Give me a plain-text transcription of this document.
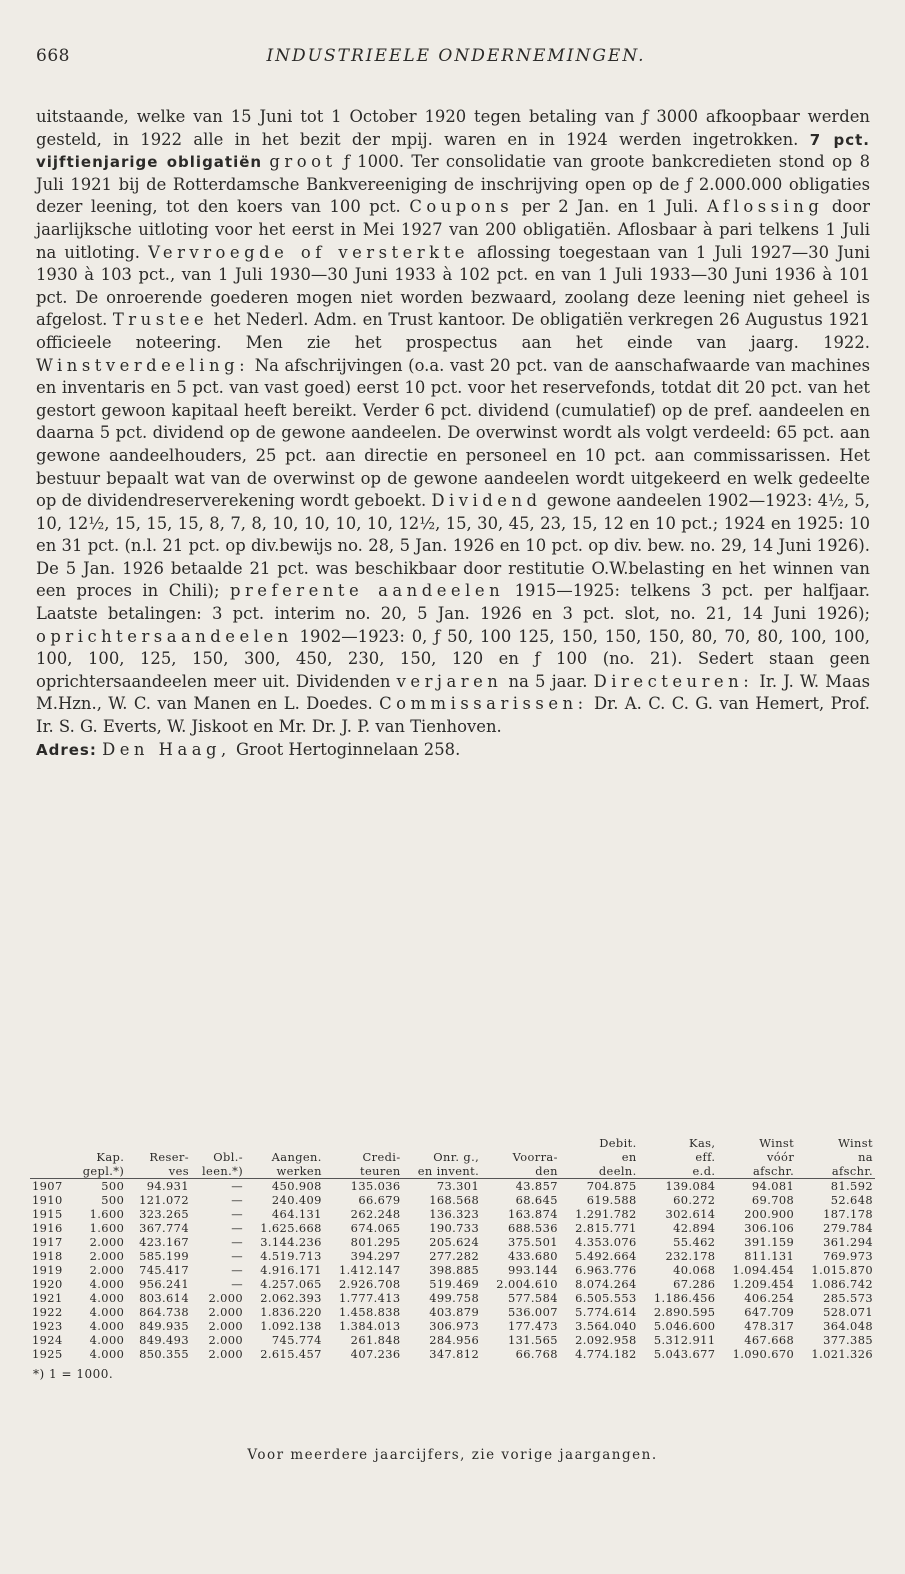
668	INDUSTRIEELE ONDERNEMINGEN.

uitstaande, welke van 15 Juni tot 1 October 1920 tegen betaling van ƒ 3000 afkoopbaar werden gesteld, in 1922 alle in het bezit der mpij. waren en in 1924 werden ingetrokken. 7 pct. vijftienjarige obligatiën groot ƒ 1000. Ter consolidatie van groote bankcredieten stond op 8 Juli 1921 bij de Rotterdamsche Bankvereeniging de inschrijving open op de ƒ 2.000.000 obligaties dezer leening, tot den koers van 100 pct. Coupons per 2 Jan. en 1 Juli. Aflossing door jaarlijksche uitloting voor het eerst in Mei 1927 van 200 obligatiën. Aflosbaar à pari telkens 1 Juli na uitloting. Vervroegde of versterkte aflossing toegestaan van 1 Juli 1927—30 Juni 1930 à 103 pct., van 1 Juli 1930—30 Juni 1933 à 102 pct. en van 1 Juli 1933—30 Juni 1936 à 101 pct. De onroerende goederen mogen niet worden bezwaard, zoolang deze leening niet geheel is afgelost. Trustee het Nederl. Adm. en Trust kantoor. De obligatiën verkregen 26 Augustus 1921 officieele noteering. Men zie het prospectus aan het einde van jaarg. 1922. Winstverdeeling: Na afschrijvingen (o.a. vast 20 pct. van de aanschafwaarde van machines en inventaris en 5 pct. van vast goed) eerst 10 pct. voor het reservefonds, totdat dit 20 pct. van het gestort gewoon kapitaal heeft bereikt. Verder 6 pct. dividend (cumulatief) op de pref. aandeelen en daarna 5 pct. dividend op de gewone aandeelen. De overwinst wordt als volgt verdeeld: 65 pct. aan gewone aandeelhouders, 25 pct. aan directie en personeel en 10 pct. aan commissarissen. Het bestuur bepaalt wat van de overwinst op de gewone aandeelen wordt uitgekeerd en welk gedeelte op de dividendreserverekening wordt geboekt. Dividend gewone aandeelen 1902—1923: 4½, 5, 10, 12½, 15, 15, 15, 8, 7, 8, 10, 10, 10, 10, 12½, 15, 30, 45, 23, 15, 12 en 10 pct.; 1924 en 1925: 10 en 31 pct. (n.l. 21 pct. op div.bewijs no. 28, 5 Jan. 1926 en 10 pct. op div. bew. no. 29, 14 Juni 1926). De 5 Jan. 1926 betaalde 21 pct. was beschikbaar door restitutie O.W.belasting en het winnen van een proces in Chili); preferente aandeelen 1915—1925: telkens 3 pct. per halfjaar. Laatste betalingen: 3 pct. interim no. 20, 5 Jan. 1926 en 3 pct. slot, no. 21, 14 Juni 1926); oprichtersaandeelen 1902—1923: 0, ƒ 50, 100 125, 150, 150, 150, 80, 70, 80, 100, 100, 100, 100, 125, 150, 300, 450, 230, 150, 120 en ƒ 100 (no. 21). Sedert staan geen oprichtersaandeelen meer uit. Dividenden verjaren na 5 jaar. Directeuren: Ir. J. W. Maas M.Hzn., W. C. van Manen en L. Doedes. Commissarissen: Dr. A. C. C. G. van Hemert, Prof. Ir. S. G. Everts, W. Jiskoot en Mr. Dr. J. P. van Tienhoven.
Adres: Den Haag, Groot Hertoginnelaan 258.

								Debit.	Kas,	Winst	Winst
	Kap.	Reser-	Obl.-	Aangen.	Credi-	Onr. g.,	Voorra-	en	eff.	vóór	na
	gepl.*)	ves	leen.*)	werken	teuren	en invent.	den	deeln.	e.d.	afschr.	afschr.
1907	500	94.931	—	450.908	135.036	73.301	43.857	704.875	139.084	94.081	81.592
1910	500	121.072	—	240.409	66.679	168.568	68.645	619.588	60.272	69.708	52.648
1915	1.600	323.265	—	464.131	262.248	136.323	163.874	1.291.782	302.614	200.900	187.178
1916	1.600	367.774	—	1.625.668	674.065	190.733	688.536	2.815.771	42.894	306.106	279.784
1917	2.000	423.167	—	3.144.236	801.295	205.624	375.501	4.353.076	55.462	391.159	361.294
1918	2.000	585.199	—	4.519.713	394.297	277.282	433.680	5.492.664	232.178	811.131	769.973
1919	2.000	745.417	—	4.916.171	1.412.147	398.885	993.144	6.963.776	40.068	1.094.454	1.015.870
1920	4.000	956.241	—	4.257.065	2.926.708	519.469	2.004.610	8.074.264	67.286	1.209.454	1.086.742
1921	4.000	803.614	2.000	2.062.393	1.777.413	499.758	577.584	6.505.553	1.186.456	406.254	285.573
1922	4.000	864.738	2.000	1.836.220	1.458.838	403.879	536.007	5.774.614	2.890.595	647.709	528.071
1923	4.000	849.935	2.000	1.092.138	1.384.013	306.973	177.473	3.564.040	5.046.600	478.317	364.048
1924	4.000	849.493	2.000	745.774	261.848	284.956	131.565	2.092.958	5.312.911	467.668	377.385
1925	4.000	850.355	2.000	2.615.457	407.236	347.812	66.768	4.774.182	5.043.677	1.090.670	1.021.326
*) 1 = 1000.
Voor meerdere jaarcijfers, zie vorige jaargangen.
